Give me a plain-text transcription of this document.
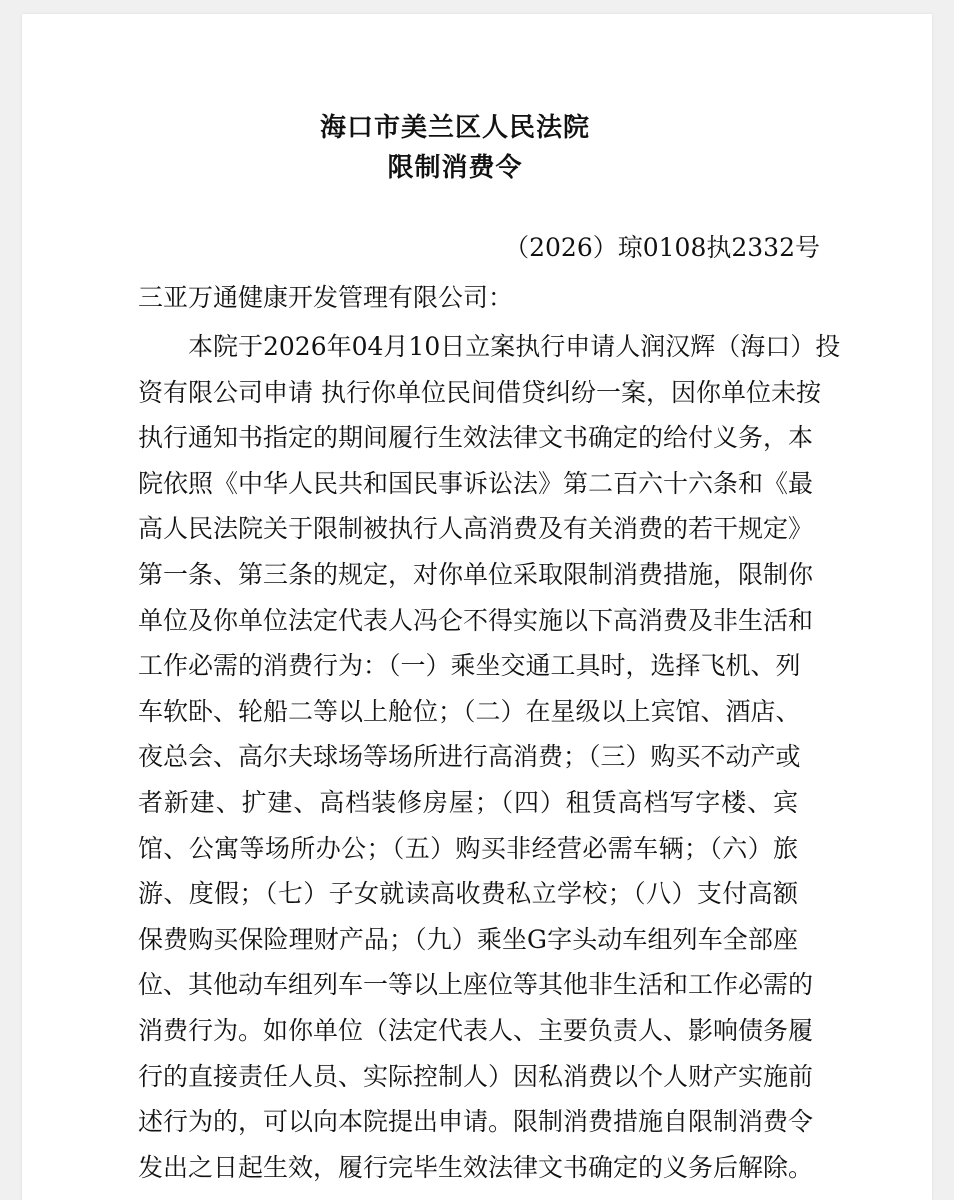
海口市美兰区人民法院
限制消费令
（2026）琼0108执2332号
三亚万通健康开发管理有限公司：
本院于2026年04月10日立案执行申请人润汉辉（海口）投
资有限公司申请 执行你单位民间借贷纠纷一案，因你单位未按
执行通知书指定的期间履行生效法律文书确定的给付义务，本
院依照《中华人民共和国民事诉讼法》第二百六十六条和《最
高人民法院关于限制被执行人高消费及有关消费的若干规定》
第一条、第三条的规定，对你单位采取限制消费措施，限制你
单位及你单位法定代表人冯仑不得实施以下高消费及非生活和
工作必需的消费行为：（一）乘坐交通工具时，选择飞机、列
车软卧、轮船二等以上舱位；（二）在星级以上宾馆、酒店、
夜总会、高尔夫球场等场所进行高消费；（三）购买不动产或
者新建、扩建、高档装修房屋；（四）租赁高档写字楼、宾
馆、公寓等场所办公；（五）购买非经营必需车辆；（六）旅
游、度假；（七）子女就读高收费私立学校；（八）支付高额
保费购买保险理财产品；（九）乘坐G字头动车组列车全部座
位、其他动车组列车一等以上座位等其他非生活和工作必需的
消费行为。如你单位（法定代表人、主要负责人、影响债务履
行的直接责任人员、实际控制人）因私消费以个人财产实施前
述行为的，可以向本院提出申请。限制消费措施自限制消费令
发出之日起生效，履行完毕生效法律文书确定的义务后解除。
